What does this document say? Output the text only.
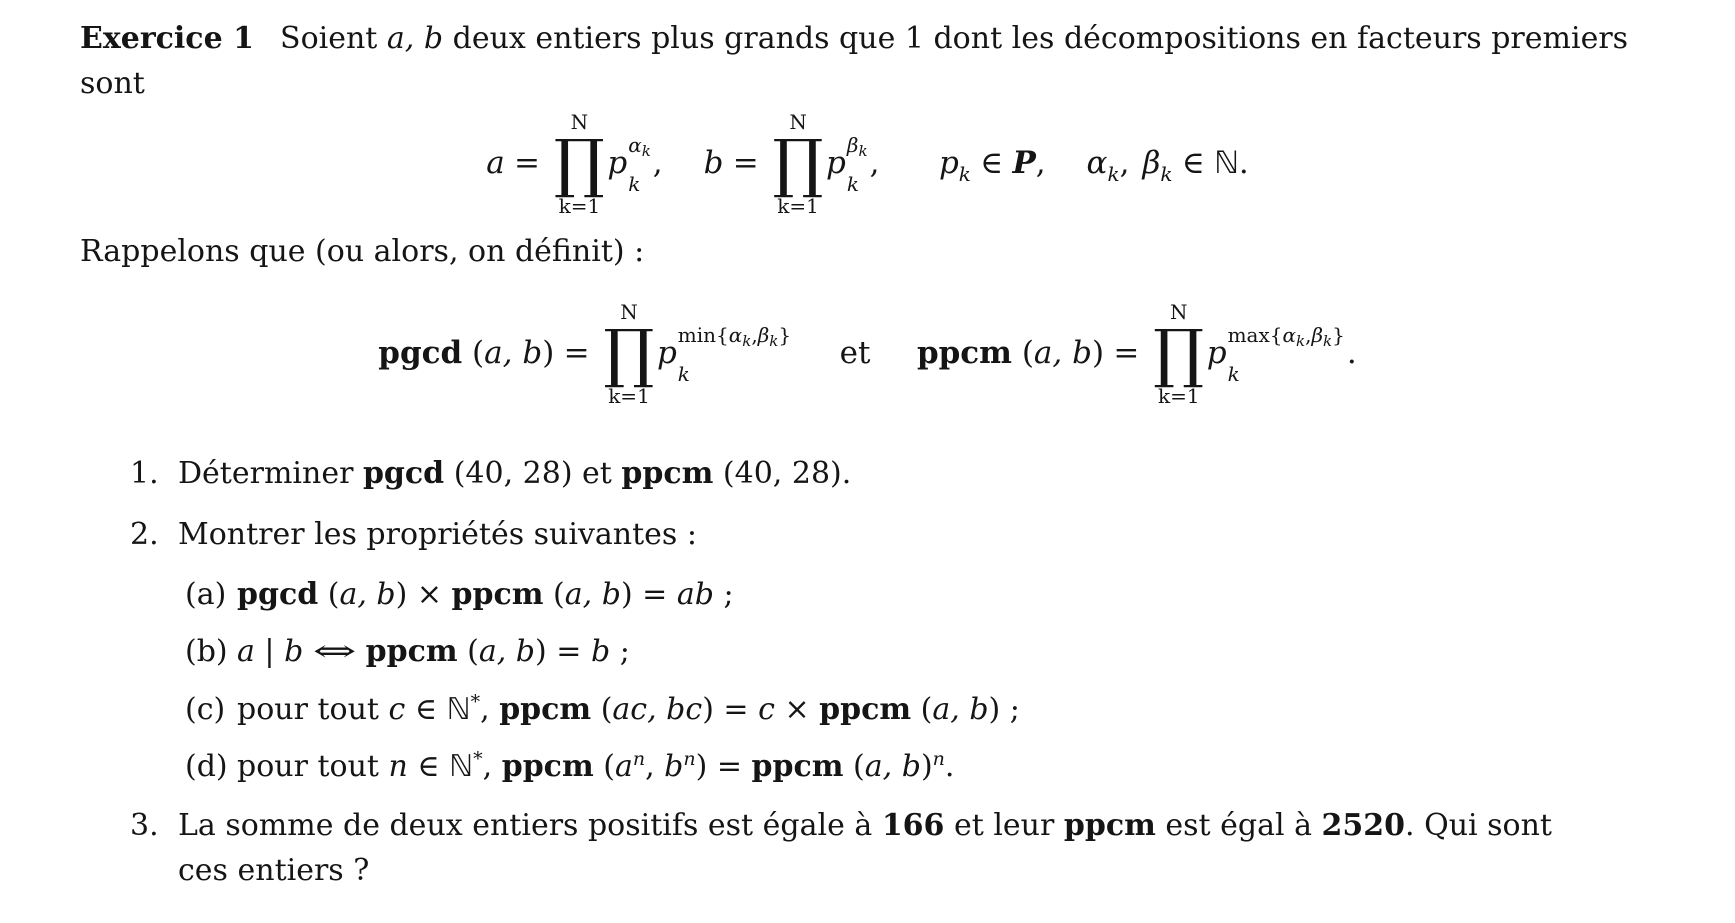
Exercice 1 Soient a, b deux entiers plus grands que 1 dont les décompositions en facteurs premiers
sont

a =
N
∏
k=1
p $\alpha_k$
k
, b =
N
∏
k=1
p $\beta_k$
k
, $p_k$ ∈ P, $\alpha_k$, $\beta_k$ ∈ ℕ.

Rappelons que (ou alors, on définit) :

pgcd (a, b) =
N
∏
k=1
p $\min\{\alpha_k,\beta_k\}$
k
et ppcm (a, b) =
N
∏
k=1
p $\max\{\alpha_k,\beta_k\}$
k
.
1. Déterminer pgcd (40, 28) et ppcm (40, 28).
2. Montrer les propriétés suivantes :
(a) pgcd (a, b) × ppcm (a, b) = ab ;
(b) a | b ⇔ ppcm (a, b) = b ;
(c) pour tout c ∈ ℕ*, ppcm (ac, bc) = c × ppcm (a, b) ;
(d) pour tout n ∈ ℕ*, ppcm ($a^n$, $b^n$) = ppcm (a, b)$^n$.
3. La somme de deux entiers positifs est égale à 166 et leur ppcm est égal à 2520. Qui sont
ces entiers ?
